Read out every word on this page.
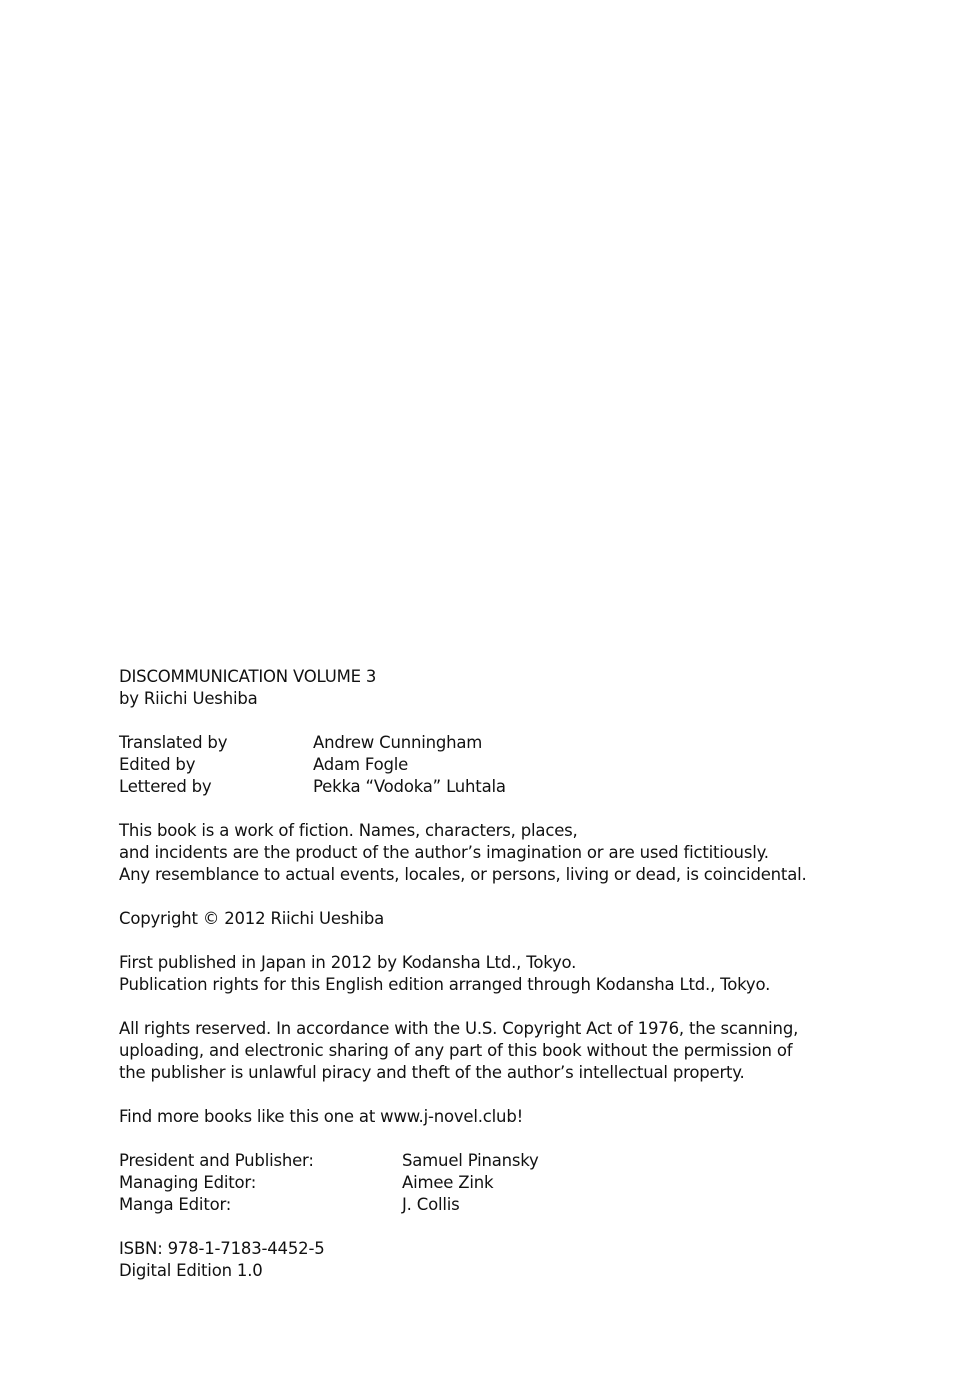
DISCOMMUNICATION VOLUME 3
by Riichi Ueshiba
Translated by	Andrew Cunningham
Edited by	Adam Fogle
Lettered by	Pekka “Vodoka” Luhtala
This book is a work of fiction. Names, characters, places,
and incidents are the product of the author’s imagination or are used fictitiously.
Any resemblance to actual events, locales, or persons, living or dead, is coincidental.
Copyright © 2012 Riichi Ueshiba
First published in Japan in 2012 by Kodansha Ltd., Tokyo.
Publication rights for this English edition arranged through Kodansha Ltd., Tokyo.
All rights reserved. In accordance with the U.S. Copyright Act of 1976, the scanning,
uploading, and electronic sharing of any part of this book without the permission of
the publisher is unlawful piracy and theft of the author’s intellectual property.
Find more books like this one at www.j-novel.club!
President and Publisher:	Samuel Pinansky
Managing Editor:	Aimee Zink
Manga Editor:	J. Collis
ISBN: 978-1-7183-4452-5
Digital Edition 1.0
